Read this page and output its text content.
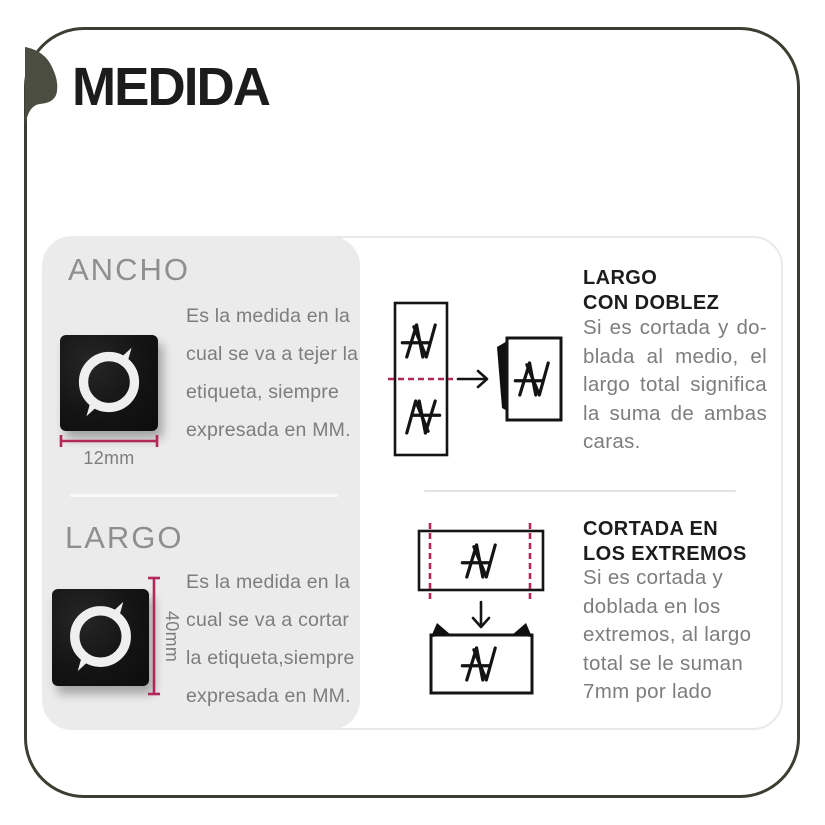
MEDIDA
ANCHO
12mm
Es la medida en la
cual se va a tejer la
etiqueta, siempre
expresada en MM.
LARGO
40mm
Es la medida en la
cual se va a cortar
la etiqueta,siempre
expresada en MM.
LARGO
CON DOBLEZ
Si es cortada y do-
blada al medio, el
largo total significa
la suma de ambas
caras.
CORTADA EN
LOS EXTREMOS
Si es cortada y
doblada en los
extremos, al largo
total se le suman
7mm por lado
